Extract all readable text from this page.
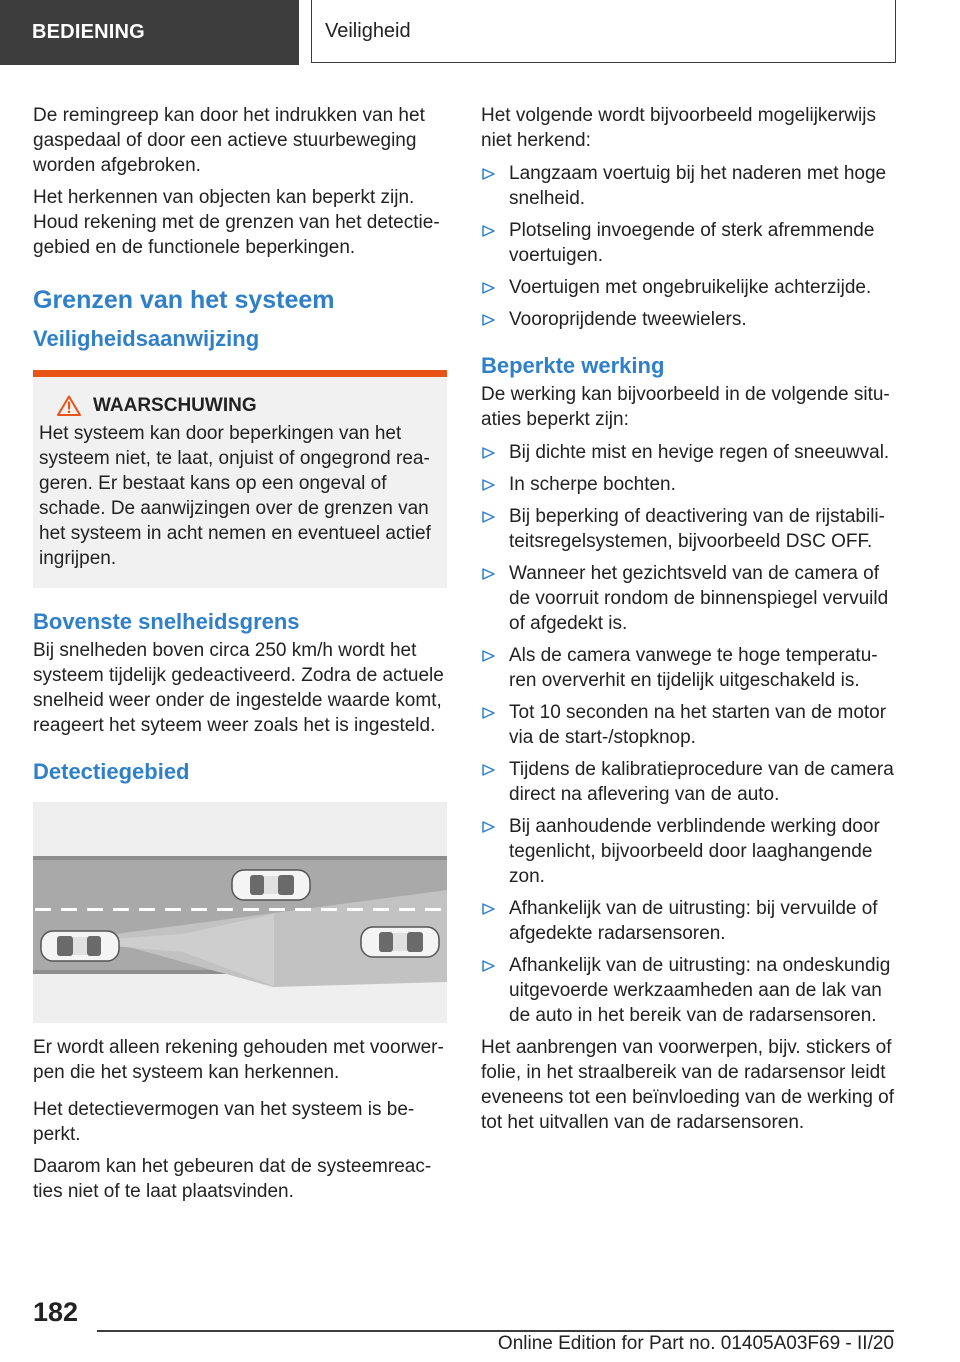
BEDIENING	Veiligheid

De remingreep kan door het indrukken van het gaspedaal of door een actieve stuurbeweging worden afgebroken.

Het herkennen van objecten kan beperkt zijn. Houd rekening met de grenzen van het detectiegebied en de functionele beperkingen.

Grenzen van het systeem
Veiligheidsaanwijzing
WAARSCHUWING

Het systeem kan door beperkingen van het systeem niet, te laat, onjuist of ongegrond reageren. Er bestaat kans op een ongeval of schade. De aanwijzingen over de grenzen van het systeem in acht nemen en eventueel actief ingrijpen.

Bovenste snelheidsgrens

Bij snelheden boven circa 250 km/h wordt het systeem tijdelijk gedeactiveerd. Zodra de actuele snelheid weer onder de ingestelde waarde komt, reageert het syteem weer zoals het is ingesteld.

Detectiegebied

Er wordt alleen rekening gehouden met voorwerpen die het systeem kan herkennen.

Het detectievermogen van het systeem is beperkt.

Daarom kan het gebeuren dat de systeemreacties niet of te laat plaatsvinden.

Het volgende wordt bijvoorbeeld mogelijkerwijs niet herkend:

Langzaam voertuig bij het naderen met hoge snelheid.
Plotseling invoegende of sterk afremmende voertuigen.
Voertuigen met ongebruikelijke achterzijde.
Vooroprijdende tweewielers.
Beperkte werking

De werking kan bijvoorbeeld in de volgende situaties beperkt zijn:

Bij dichte mist en hevige regen of sneeuwval.
In scherpe bochten.
Bij beperking of deactivering van de rijstabiliteitsregelsystemen, bijvoorbeeld DSC OFF.
Wanneer het gezichtsveld van de camera of de voorruit rondom de binnenspiegel vervuild of afgedekt is.
Als de camera vanwege te hoge temperaturen oververhit en tijdelijk uitgeschakeld is.
Tot 10 seconden na het starten van de motor via de start-/stopknop.
Tijdens de kalibratieprocedure van de camera direct na aflevering van de auto.
Bij aanhoudende verblindende werking door tegenlicht, bijvoorbeeld door laaghangende zon.
Afhankelijk van de uitrusting: bij vervuilde of afgedekte radarsensoren.
Afhankelijk van de uitrusting: na ondeskundig uitgevoerde werkzaamheden aan de lak van de auto in het bereik van de radarsensoren.

Het aanbrengen van voorwerpen, bijv. stickers of folie, in het straalbereik van de radarsensor leidt eveneens tot een beïnvloeding van de werking of tot het uitvallen van de radarsensoren.

182
Online Edition for Part no. 01405A03F69 - II/20
